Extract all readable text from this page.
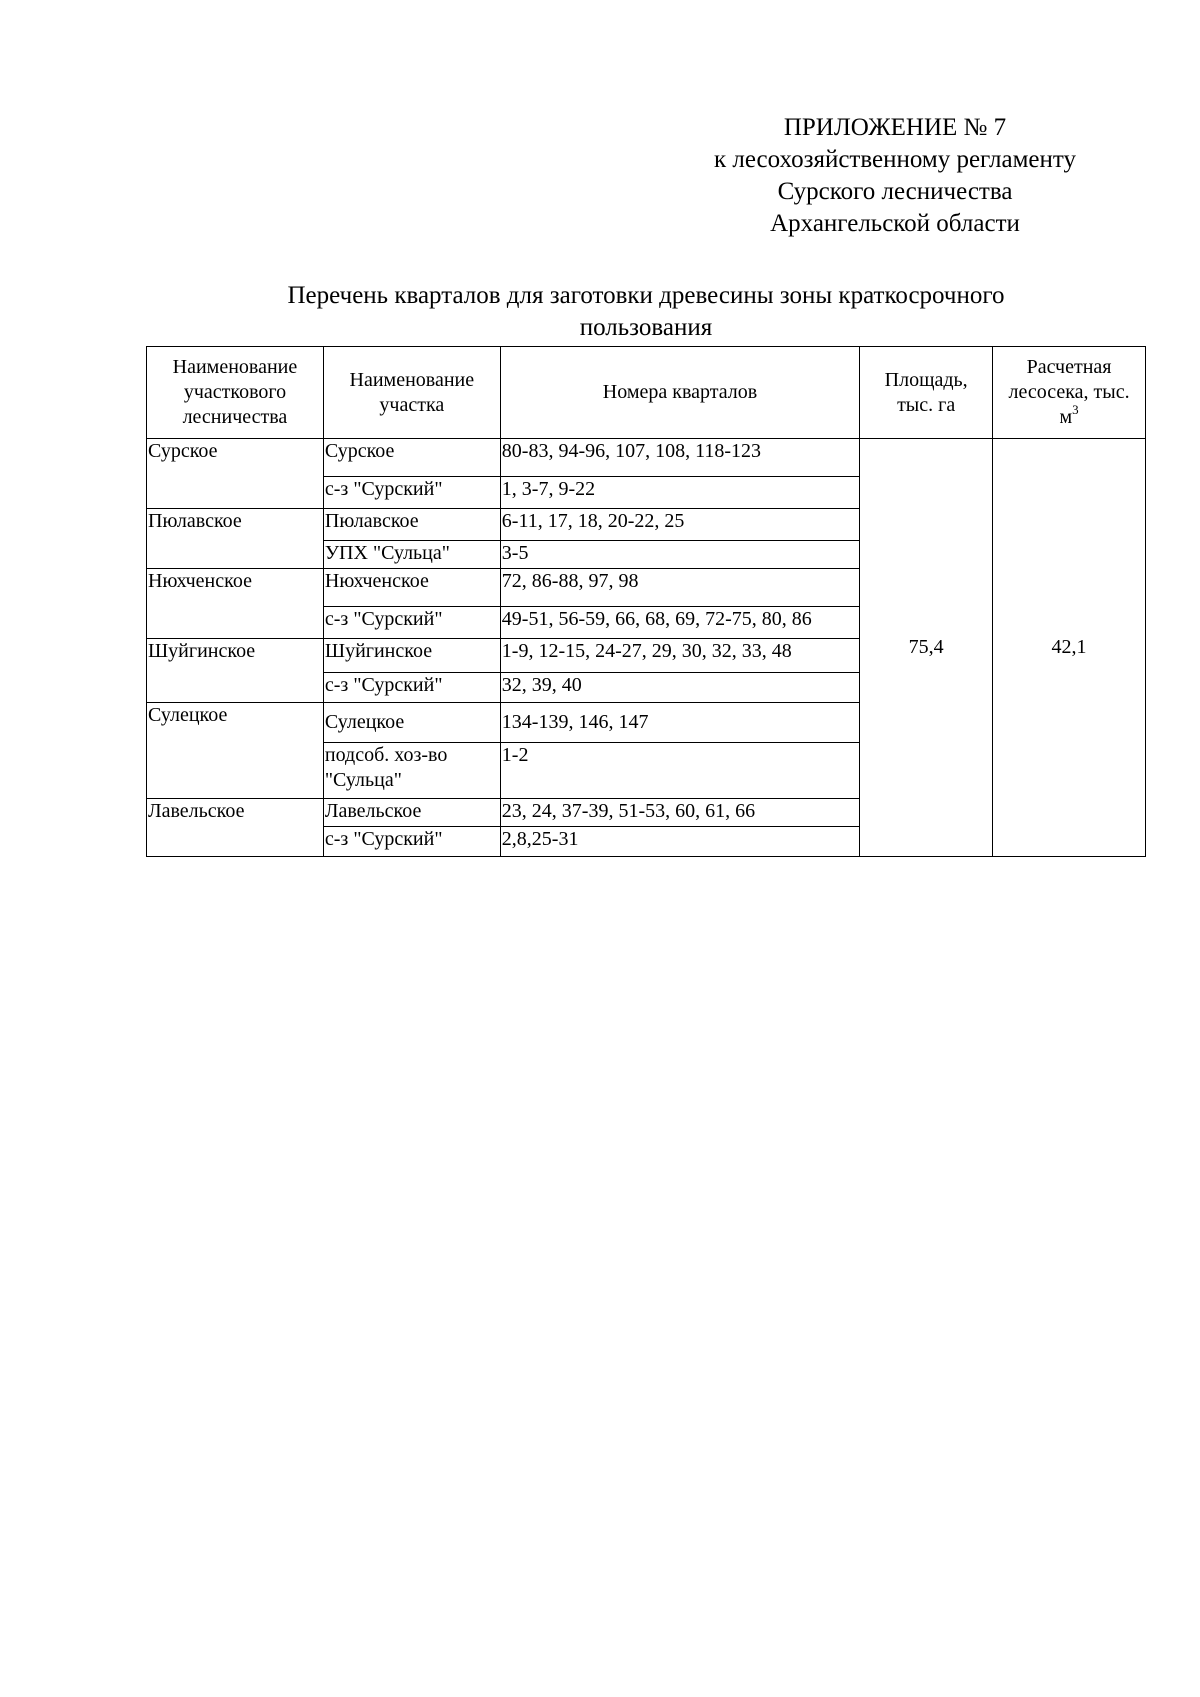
ПРИЛОЖЕНИЕ № 7
к лесохозяйственному регламенту
Сурского лесничества
Архангельской области
Перечень кварталов для заготовки древесины зоны краткосрочного
пользования
Наименование участкового лесничества	Наименование участка	Номера кварталов	Площадь, тыс. га	Расчетная лесосека, тыс. $м^3$
Сурское	Сурское	80-83, 94-96, 107, 108, 118-123	75,4	42,1
	с-з "Сурский"	1, 3-7, 9-22		
Пюлавское	Пюлавское	6-11, 17, 18, 20-22, 25		
	УПХ "Сульца"	3-5		
Нюхченское	Нюхченское	72, 86-88, 97, 98		
	с-з "Сурский"	49-51, 56-59, 66, 68, 69, 72-75, 80, 86		
Шуйгинское	Шуйгинское	1-9, 12-15, 24-27, 29, 30, 32, 33, 48		
	с-з "Сурский"	32, 39, 40		
Сулецкое	Сулецкое	134-139, 146, 147		
	подсоб. хоз-во "Сульца"	1-2		
Лавельское	Лавельское	23, 24, 37-39, 51-53, 60, 61, 66		
	с-з "Сурский"	2,8,25-31		
